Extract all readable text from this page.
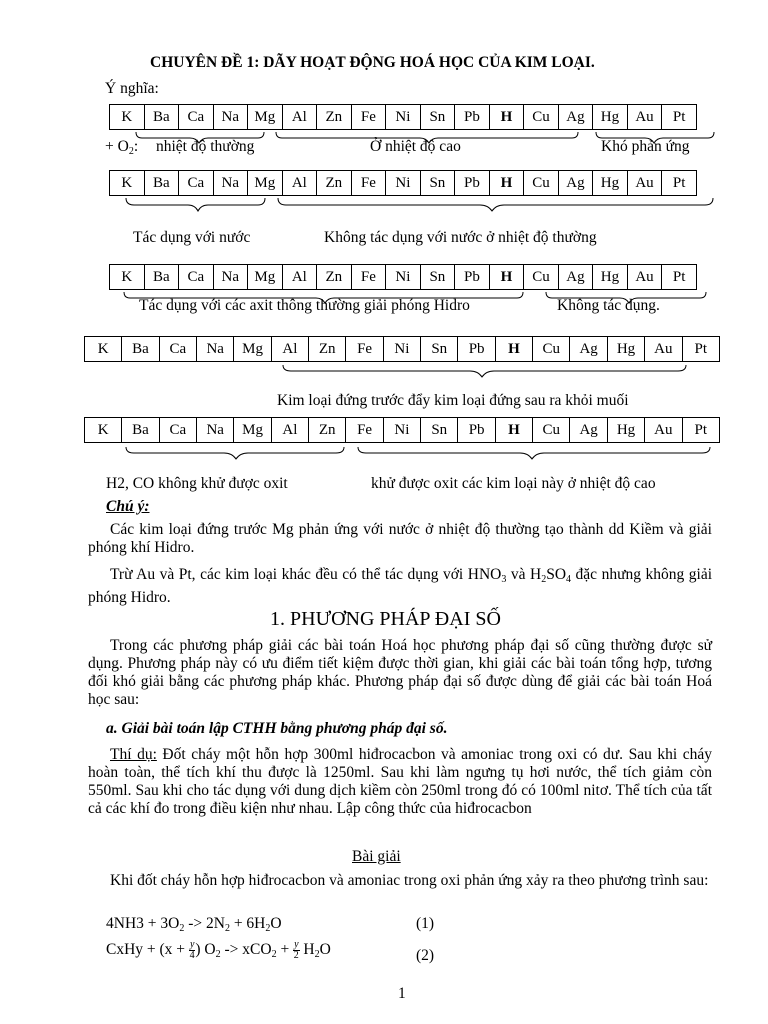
CHUYÊN ĐỀ 1: DÃY HOẠT ĐỘNG HOÁ HỌC CỦA KIM LOẠI.
Ý nghĩa:
K	Ba	Ca	Na	Mg	Al	Zn	Fe	Ni	Sn	Pb	H	Cu	Ag	Hg	Au	Pt
+ $O_2$: nhiệt độ thường	Ở nhiệt độ cao	Khó phản ứng
K	Ba	Ca	Na	Mg	Al	Zn	Fe	Ni	Sn	Pb	H	Cu	Ag	Hg	Au	Pt
Tác dụng với nước	Không tác dụng với nước ở nhiệt độ thường
K	Ba	Ca	Na	Mg	Al	Zn	Fe	Ni	Sn	Pb	H	Cu	Ag	Hg	Au	Pt
Tác dụng với các axit thông thường giải phóng Hidro	Không tác dụng.
K	Ba	Ca	Na	Mg	Al	Zn	Fe	Ni	Sn	Pb	H	Cu	Ag	Hg	Au	Pt
Kim loại đứng trước đẩy kim loại đứng sau ra khỏi muối
K	Ba	Ca	Na	Mg	Al	Zn	Fe	Ni	Sn	Pb	H	Cu	Ag	Hg	Au	Pt
H2, CO không khử được oxit	khử được oxit các kim loại này ở nhiệt độ cao
Chú ý:
Các kim loại đứng trước Mg phản ứng với nước ở nhiệt độ thường tạo thành dd Kiềm và giải phóng khí Hidro.
Trừ Au và Pt, các kim loại khác đều có thể tác dụng với $HNO_3$ và $H_2SO_4$ đặc nhưng không giải phóng Hidro.
1. PHƯƠNG PHÁP ĐẠI SỐ
Trong các phương pháp giải các bài toán Hoá học phương pháp đại số cũng thường được sử dụng. Phương pháp này có ưu điểm tiết kiệm được thời gian, khi giải các bài toán tổng hợp, tương đối khó giải bằng các phương pháp khác. Phương pháp đại số được dùng để giải các bài toán Hoá học sau:
a. Giải bài toán lập CTHH bằng phương pháp đại số.
Thí dụ: Đốt cháy một hỗn hợp 300ml hiđrocacbon và amoniac trong oxi có dư. Sau khi cháy hoàn toàn, thể tích khí thu được là 1250ml. Sau khi làm ngưng tụ hơi nước, thể tích giảm còn 550ml. Sau khi cho tác dụng với dung dịch kiềm còn 250ml trong đó có 100ml nitơ. Thể tích của tất cả các khí đo trong điều kiện như nhau. Lập công thức của hiđrocacbon
Bài giải
Khi đốt cháy hỗn hợp hiđrocacbon và amoniac trong oxi phản ứng xảy ra theo phương trình sau:
$4NH3 + 3O_2 -> 2N_2 + 6H_2O$	(1)
CxHy + ($x + \frac{y}{4}$ ) $O_2 -> xCO_2 + \frac{y}{2} H_2O$	(2)
1
